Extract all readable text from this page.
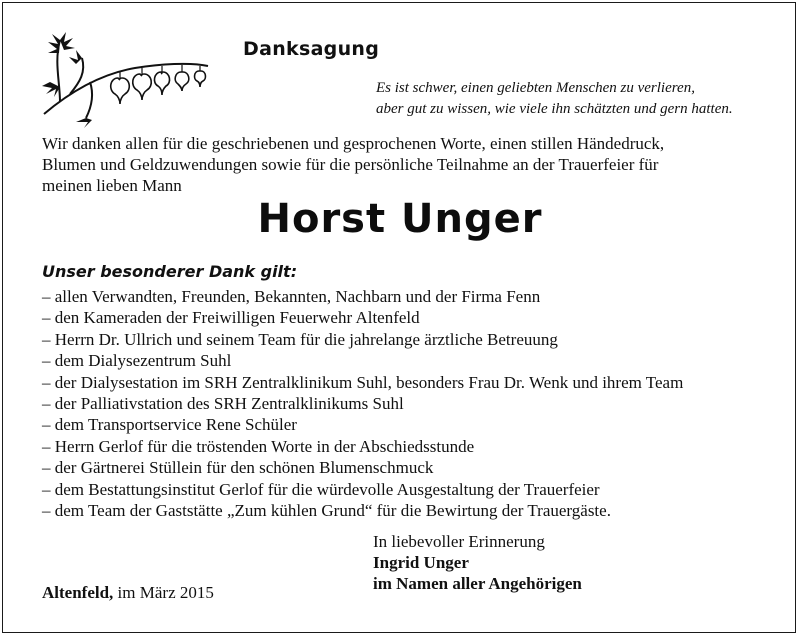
Danksagung
Es ist schwer, einen geliebten Menschen zu verlieren,
aber gut zu wissen, wie viele ihn schätzten und gern hatten.
Wir danken allen für die geschriebenen und gesprochenen Worte, einen stillen Händedruck,
Blumen und Geldzuwendungen sowie für die persönliche Teilnahme an der Trauerfeier für
meinen lieben Mann
Horst Unger
Unser besonderer Dank gilt:
– allen Verwandten, Freunden, Bekannten, Nachbarn und der Firma Fenn
– den Kameraden der Freiwilligen Feuerwehr Altenfeld
– Herrn Dr. Ullrich und seinem Team für die jahrelange ärztliche Betreuung
– dem Dialysezentrum Suhl
– der Dialysestation im SRH Zentralklinikum Suhl, besonders Frau Dr. Wenk und ihrem Team
– der Palliativstation des SRH Zentralklinikums Suhl
– dem Transportservice Rene Schüler
– Herrn Gerlof für die tröstenden Worte in der Abschiedsstunde
– der Gärtnerei Stüllein für den schönen Blumenschmuck
– dem Bestattungsinstitut Gerlof für die würdevolle Ausgestaltung der Trauerfeier
– dem Team der Gaststätte „Zum kühlen Grund“ für die Bewirtung der Trauergäste.
In liebevoller Erinnerung
Ingrid Unger
im Namen aller Angehörigen
Altenfeld, im März 2015
